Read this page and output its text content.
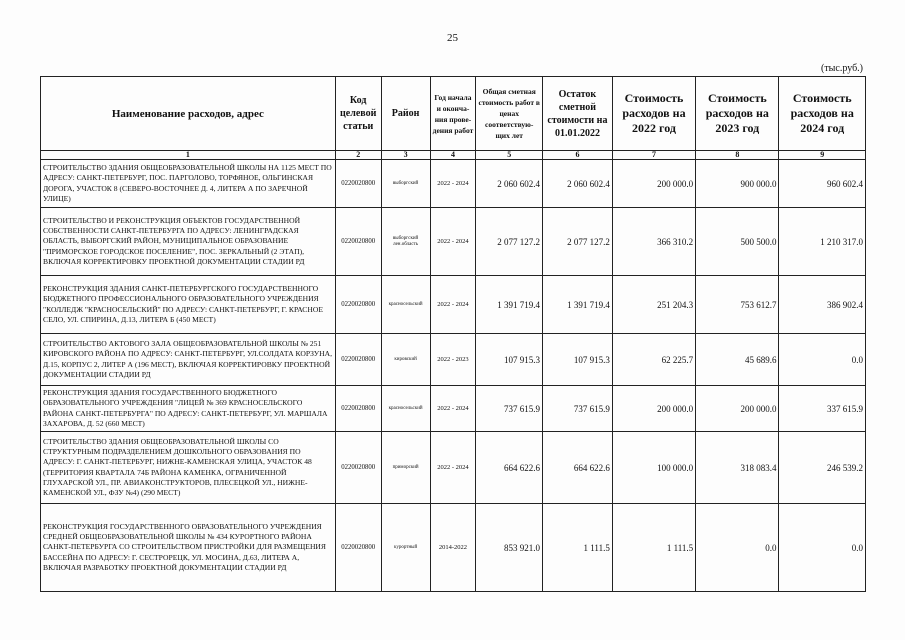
25
(тыс.руб.)
Наименование расходов, адрес	Код целевой статьи	Район	Год начала и оконча- ния прове- дения работ	Общая сметная стоимость работ в ценах соответствую- щих лет	Остаток сметной стоимости на 01.01.2022	Стоимость расходов на 2022 год	Стоимость расходов на 2023 год	Стоимость расходов на 2024 год
1	2	3	4	5	6	7	8	9
СТРОИТЕЛЬСТВО ЗДАНИЯ ОБЩЕОБРАЗОВАТЕЛЬНОЙ ШКОЛЫ НА 1125 МЕСТ ПО АДРЕСУ: САНКТ-ПЕТЕРБУРГ, ПОС. ПАРГОЛОВО, ТОРФЯНОЕ, ОЛЬГИНСКАЯ ДОРОГА, УЧАСТОК 8 (СЕВЕРО-ВОСТОЧНЕЕ Д. 4, ЛИТЕРА А ПО ЗАРЕЧНОЙ УЛИЦЕ)	0220020800	выборгский	2022 - 2024	2 060 602.4	2 060 602.4	200 000.0	900 000.0	960 602.4
СТРОИТЕЛЬСТВО И РЕКОНСТРУКЦИЯ ОБЪЕКТОВ ГОСУДАРСТВЕННОЙ СОБСТВЕННОСТИ САНКТ-ПЕТЕРБУРГА ПО АДРЕСУ: ЛЕНИНГРАДСКАЯ ОБЛАСТЬ, ВЫБОРГСКИЙ РАЙОН, МУНИЦИПАЛЬНОЕ ОБРАЗОВАНИЕ "ПРИМОРСКОЕ ГОРОДСКОЕ ПОСЕЛЕНИЕ", ПОС. ЗЕРКАЛЬНЫЙ (2 ЭТАП), ВКЛЮЧАЯ КОРРЕКТИРОВКУ ПРОЕКТНОЙ ДОКУМЕНТАЦИИ СТАДИИ РД	0220020800	выборгский лен.область	2022 - 2024	2 077 127.2	2 077 127.2	366 310.2	500 500.0	1 210 317.0
РЕКОНСТРУКЦИЯ ЗДАНИЯ САНКТ-ПЕТЕРБУРГСКОГО ГОСУДАРСТВЕННОГО БЮДЖЕТНОГО ПРОФЕССИОНАЛЬНОГО ОБРАЗОВАТЕЛЬНОГО УЧРЕЖДЕНИЯ "КОЛЛЕДЖ "КРАСНОСЕЛЬСКИЙ" ПО АДРЕСУ: САНКТ-ПЕТЕРБУРГ, Г. КРАСНОЕ СЕЛО, УЛ. СПИРИНА, Д.13, ЛИТЕРА Б (450 МЕСТ)	0220020800	красносельский	2022 - 2024	1 391 719.4	1 391 719.4	251 204.3	753 612.7	386 902.4
СТРОИТЕЛЬСТВО АКТОВОГО ЗАЛА ОБЩЕОБРАЗОВАТЕЛЬНОЙ ШКОЛЫ № 251 КИРОВСКОГО РАЙОНА ПО АДРЕСУ: САНКТ-ПЕТЕРБУРГ, УЛ.СОЛДАТА КОРЗУНА, Д.15, КОРПУС 2, ЛИТЕР А (196 МЕСТ), ВКЛЮЧАЯ КОРРЕКТИРОВКУ ПРОЕКТНОЙ ДОКУМЕНТАЦИИ СТАДИИ РД	0220020800	кировский	2022 - 2023	107 915.3	107 915.3	62 225.7	45 689.6	0.0
РЕКОНСТРУКЦИЯ ЗДАНИЯ ГОСУДАРСТВЕННОГО БЮДЖЕТНОГО ОБРАЗОВАТЕЛЬНОГО УЧРЕЖДЕНИЯ "ЛИЦЕЙ № 369 КРАСНОСЕЛЬСКОГО РАЙОНА САНКТ-ПЕТЕРБУРГА" ПО АДРЕСУ: САНКТ-ПЕТЕРБУРГ, УЛ. МАРШАЛА ЗАХАРОВА, Д. 52 (660 МЕСТ)	0220020800	красносельский	2022 - 2024	737 615.9	737 615.9	200 000.0	200 000.0	337 615.9
СТРОИТЕЛЬСТВО ЗДАНИЯ ОБЩЕОБРАЗОВАТЕЛЬНОЙ ШКОЛЫ СО СТРУКТУРНЫМ ПОДРАЗДЕЛЕНИЕМ ДОШКОЛЬНОГО ОБРАЗОВАНИЯ ПО АДРЕСУ: Г. САНКТ-ПЕТЕРБУРГ, НИЖНЕ-КАМЕНСКАЯ УЛИЦА, УЧАСТОК 48 (ТЕРРИТОРИЯ КВАРТАЛА 74Б РАЙОНА КАМЕНКА, ОГРАНИЧЕННОЙ ГЛУХАРСКОЙ УЛ., ПР. АВИАКОНСТРУКТОРОВ, ПЛЕСЕЦКОЙ УЛ., НИЖНЕ-КАМЕНСКОЙ УЛ., ФЗУ №4) (290 МЕСТ)	0220020800	приморский	2022 - 2024	664 622.6	664 622.6	100 000.0	318 083.4	246 539.2
РЕКОНСТРУКЦИЯ ГОСУДАРСТВЕННОГО ОБРАЗОВАТЕЛЬНОГО УЧРЕЖДЕНИЯ СРЕДНЕЙ ОБЩЕОБРАЗОВАТЕЛЬНОЙ ШКОЛЫ № 434 КУРОРТНОГО РАЙОНА САНКТ-ПЕТЕРБУРГА СО СТРОИТЕЛЬСТВОМ ПРИСТРОЙКИ ДЛЯ РАЗМЕЩЕНИЯ БАССЕЙНА ПО АДРЕСУ: Г. СЕСТРОРЕЦК, УЛ. МОСИНА, Д.63, ЛИТЕРА А, ВКЛЮЧАЯ РАЗРАБОТКУ ПРОЕКТНОЙ ДОКУМЕНТАЦИИ СТАДИИ РД	0220020800	курортный	2014-2022	853 921.0	1 111.5	1 111.5	0.0	0.0
